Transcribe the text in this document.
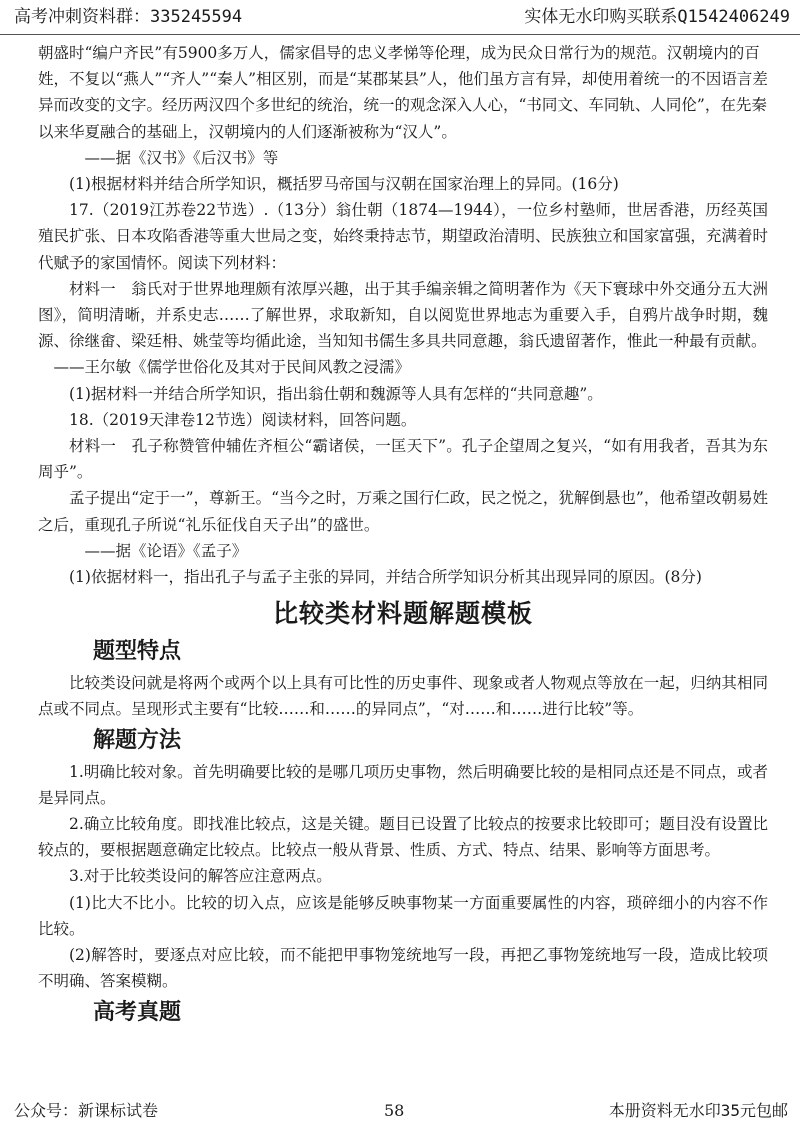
高考冲刺资料群：335245594	实体无水印购买联系Q1542406249

朝盛时“编户齐民”有5900多万人，儒家倡导的忠义孝悌等伦理，成为民众日常行为的规范。汉朝境内的百姓，不复以“燕人”“齐人”“秦人”相区别，而是“某郡某县”人，他们虽方言有异，却使用着统一的不因语言差异而改变的文字。经历两汉四个多世纪的统治，统一的观念深入人心，“书同文、车同轨、人同伦”，在先秦以来华夏融合的基础上，汉朝境内的人们逐渐被称为“汉人”。

——据《汉书》《后汉书》等

(1)根据材料并结合所学知识，概括罗马帝国与汉朝在国家治理上的异同。(16分)

17.（2019江苏卷22节选）.（13分）翁仕朝（1874—1944），一位乡村塾师，世居香港，历经英国殖民扩张、日本攻陷香港等重大世局之变，始终秉持志节，期望政治清明、民族独立和国家富强，充满着时代赋予的家国情怀。阅读下列材料：

材料一　翁氏对于世界地理颇有浓厚兴趣，出于其手编亲辑之简明著作为《天下寰球中外交通分五大洲图》，简明清晰，并系史志……了解世界，求取新知，自以阅览世界地志为重要入手，自鸦片战争时期，魏源、徐继畲、梁廷枏、姚莹等均循此途，当知知书儒生多具共同意趣，翁氏遗留著作，惟此一种最有贡献。

——王尔敏《儒学世俗化及其对于民间风教之浸濡》

(1)据材料一并结合所学知识，指出翁仕朝和魏源等人具有怎样的“共同意趣”。

18.（2019天津卷12节选）阅读材料，回答问题。

材料一　孔子称赞管仲辅佐齐桓公“霸诸侯，一匡天下”。孔子企望周之复兴，“如有用我者，吾其为东周乎”。

孟子提出“定于一”，尊新王。“当今之时，万乘之国行仁政，民之悦之，犹解倒悬也”，他希望改朝易姓之后，重现孔子所说“礼乐征伐自天子出”的盛世。

——据《论语》《孟子》

(1)依据材料一，指出孔子与孟子主张的异同，并结合所学知识分析其出现异同的原因。(8分)

比较类材料题解题模板
题型特点

比较类设问就是将两个或两个以上具有可比性的历史事件、现象或者人物观点等放在一起，归纳其相同点或不同点。呈现形式主要有“比较……和……的异同点”，“对……和……进行比较”等。

解题方法

1.明确比较对象。首先明确要比较的是哪几项历史事物，然后明确要比较的是相同点还是不同点，或者是异同点。

2.确立比较角度。即找准比较点，这是关键。题目已设置了比较点的按要求比较即可；题目没有设置比较点的，要根据题意确定比较点。比较点一般从背景、性质、方式、特点、结果、影响等方面思考。

3.对于比较类设问的解答应注意两点。

(1)比大不比小。比较的切入点，应该是能够反映事物某一方面重要属性的内容，琐碎细小的内容不作比较。

(2)解答时，要逐点对应比较，而不能把甲事物笼统地写一段，再把乙事物笼统地写一段，造成比较项不明确、答案模糊。

高考真题
公众号：新课标试卷	58	本册资料无水印35元包邮
